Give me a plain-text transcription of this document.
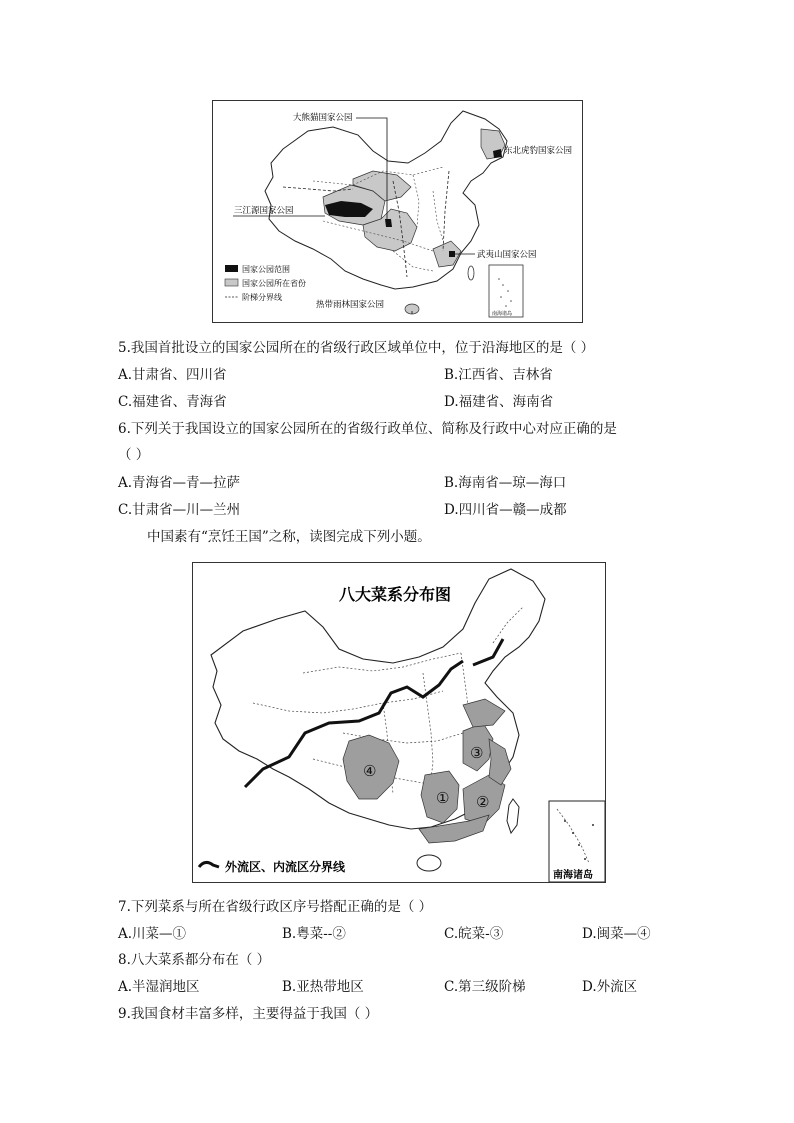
大熊猫国家公园
东北虎豹国家公园
三江源国家公园
武夷山国家公园
热带雨林国家公园
国家公园范围
国家公园所在省份
阶梯分界线
南海诸岛
5.我国首批设立的国家公园所在的省级行政区域单位中，位于沿海地区的是（ ）
A.甘肃省、四川省	B.江西省、吉林省
C.福建省、青海省	D.福建省、海南省
6.下列关于我国设立的国家公园所在的省级行政单位、简称及行政中心对应正确的是
（ ）
A.青海省—青—拉萨	B.海南省—琼—海口
C.甘肃省—川—兰州	D.四川省—赣—成都
中国素有“烹饪王国”之称，读图完成下列小题。
① ②
③
④
八大菜系分布图
外流区、内流区分界线
南海诸岛
7.下列菜系与所在省级行政区序号搭配正确的是（ ）
A.川菜—①	B.粤菜--②	C.皖菜-③	D.闽菜—④
8.八大菜系都分布在（ ）
A.半湿润地区	B.亚热带地区	C.第三级阶梯	D.外流区
9.我国食材丰富多样，主要得益于我国（ ）
